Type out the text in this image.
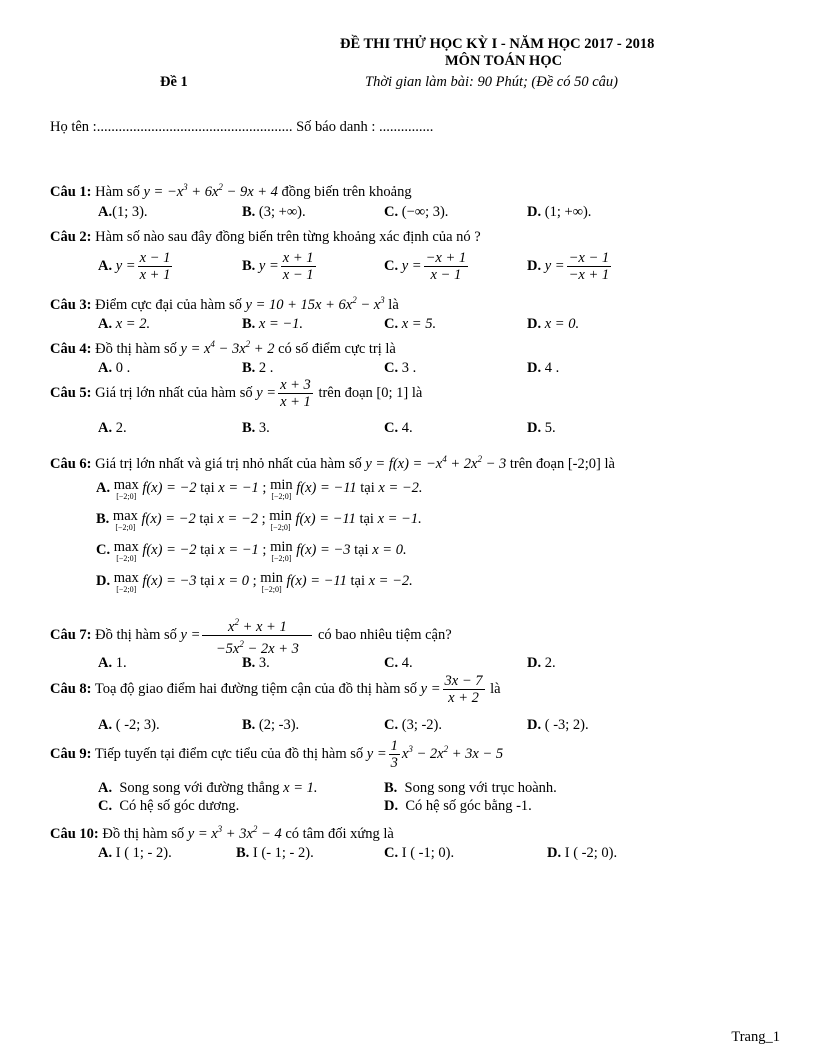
ĐỀ THI THỬ HỌC KỲ I - NĂM HỌC 2017 - 2018
MÔN TOÁN HỌC
Đề 1	Thời gian làm bài: 90 Phút; (Đề có 50 câu)
Họ tên :...................................................... Số báo danh : ...............
Câu 1: Hàm số $y = -x^3 + 6x^2 - 9x + 4$ đồng biến trên khoảng
A.(1; 3).	B. (3; +∞).	C. (−∞; 3).	D. (1; +∞).
Câu 2: Hàm số nào sau đây đồng biến trên từng khoảng xác định của nó ?
A. $y = \frac{x - 1}{x + 1}$	B. $y = \frac{x + 1}{x - 1}$	C. $y = \frac{-x + 1}{x - 1}$	D. $y = \frac{-x - 1}{-x + 1}$
Câu 3: Điểm cực đại của hàm số $y = 10 + 15x + 6x^2 - x^3$ là
A. x = 2.	B. x = −1.	C. x = 5.	D. x = 0.
Câu 4: Đồ thị hàm số $y = x^4 - 3x^2 + 2$ có số điểm cực trị là
A. 0 .	B. 2 .	C. 3 .	D. 4 .
Câu 5: Giá trị lớn nhất của hàm số $y = \frac{x + 3}{x + 1}$ trên đoạn [0; 1] là
A. 2.	B. 3.	C. 4.	D. 5.
Câu 6: Giá trị lớn nhất và giá trị nhỏ nhất của hàm số $y = f(x) = -x^4 + 2x^2 - 3$ trên đoạn [-2;0] là
A. max
[−2;0]
f(x) = −2 tại x = −1 ; min
[−2;0]
f(x) = −11 tại x = −2.
B. max
[−2;0]
f(x) = −2 tại x = −2 ; min
[−2;0]
f(x) = −11 tại x = −1.
C. max
[−2;0]
f(x) = −2 tại x = −1 ; min
[−2;0]
f(x) = −3 tại x = 0.
D. max
[−2;0]
f(x) = −3 tại x = 0 ; min
[−2;0]
f(x) = −11 tại x = −2.
Câu 7: Đồ thị hàm số $y = \frac{x^2 + x + 1}{-5x^2 - 2x + 3}$ có bao nhiêu tiệm cận?
A. 1.	B. 3.	C. 4.	D. 2.
Câu 8: Toạ độ giao điểm hai đường tiệm cận của đồ thị hàm số $y = \frac{3x - 7}{x + 2}$ là
A. ( -2; 3).	B. (2; -3).	C. (3; -2).	D. ( -3; 2).
Câu 9: Tiếp tuyến tại điểm cực tiểu của đồ thị hàm số $y = \frac{1}{3} x^3 - 2x^2 + 3x - 5$
A. Song song với đường thẳng x = 1.	B. Song song với trục hoành.
C. Có hệ số góc dương.	D. Có hệ số góc bằng -1.
Câu 10: Đồ thị hàm số $y = x^3 + 3x^2 - 4$ có tâm đối xứng là
A. I ( 1; - 2).	B. I (- 1; - 2).	C. I ( -1; 0).	D. I ( -2; 0).
Trang_1
